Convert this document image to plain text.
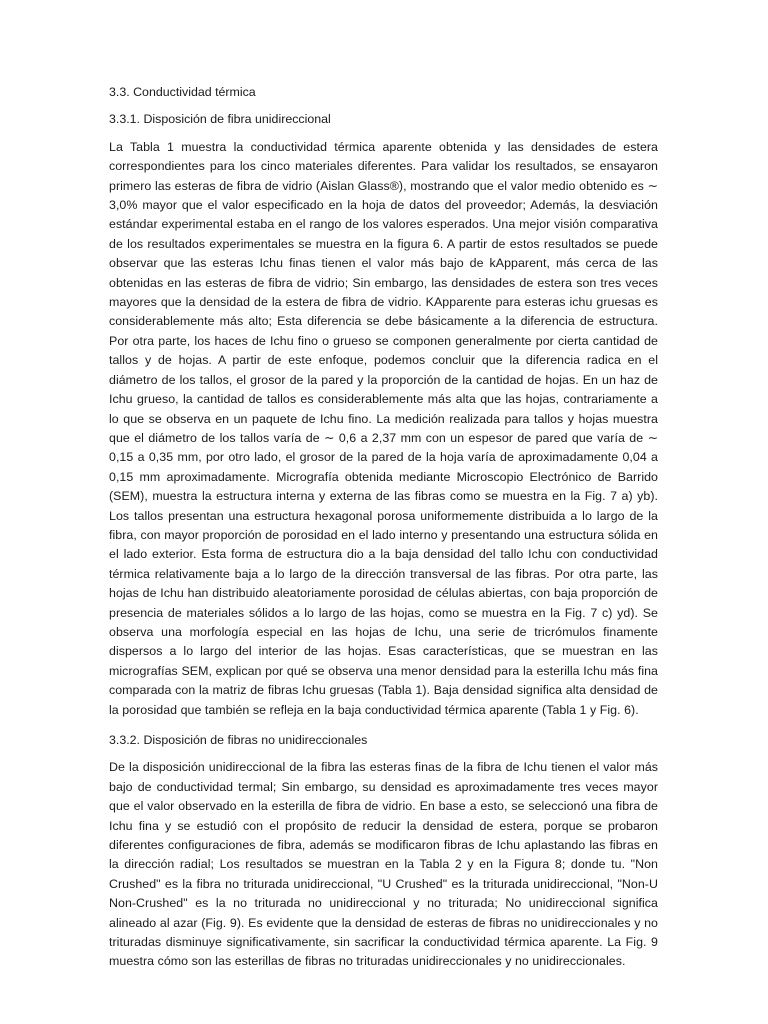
3.3. Conductividad térmica

3.3.1. Disposición de fibra unidireccional

La Tabla 1 muestra la conductividad térmica aparente obtenida y las densidades de estera correspondientes para los cinco materiales diferentes. Para validar los resultados, se ensayaron primero las esteras de fibra de vidrio (Aislan Glass®), mostrando que el valor medio obtenido es ∼ 3,0% mayor que el valor especificado en la hoja de datos del proveedor; Además, la desviación estándar experimental estaba en el rango de los valores esperados. Una mejor visión comparativa de los resultados experimentales se muestra en la figura 6. A partir de estos resultados se puede observar que las esteras Ichu finas tienen el valor más bajo de kApparent, más cerca de las obtenidas en las esteras de fibra de vidrio; Sin embargo, las densidades de estera son tres veces mayores que la densidad de la estera de fibra de vidrio. KApparente para esteras ichu gruesas es considerablemente más alto; Esta diferencia se debe básicamente a la diferencia de estructura. Por otra parte, los haces de Ichu fino o grueso se componen generalmente por cierta cantidad de tallos y de hojas. A partir de este enfoque, podemos concluir que la diferencia radica en el diámetro de los tallos, el grosor de la pared y la proporción de la cantidad de hojas. En un haz de Ichu grueso, la cantidad de tallos es considerablemente más alta que las hojas, contrariamente a lo que se observa en un paquete de Ichu fino. La medición realizada para tallos y hojas muestra que el diámetro de los tallos varía de ∼ 0,6 a 2,37 mm con un espesor de pared que varía de ∼ 0,15 a 0,35 mm, por otro lado, el grosor de la pared de la hoja varía de aproximadamente 0,04 a 0,15 mm aproximadamente. Micrografía obtenida mediante Microscopio Electrónico de Barrido (SEM), muestra la estructura interna y externa de las fibras como se muestra en la Fig. 7 a) yb). Los tallos presentan una estructura hexagonal porosa uniformemente distribuida a lo largo de la fibra, con mayor proporción de porosidad en el lado interno y presentando una estructura sólida en el lado exterior. Esta forma de estructura dio a la baja densidad del tallo Ichu con conductividad térmica relativamente baja a lo largo de la dirección transversal de las fibras. Por otra parte, las hojas de Ichu han distribuido aleatoriamente porosidad de células abiertas, con baja proporción de presencia de materiales sólidos a lo largo de las hojas, como se muestra en la Fig. 7 c) yd). Se observa una morfología especial en las hojas de Ichu, una serie de tricrómulos finamente dispersos a lo largo del interior de las hojas. Esas características, que se muestran en las micrografías SEM, explican por qué se observa una menor densidad para la esterilla Ichu más fina comparada con la matriz de fibras Ichu gruesas (Tabla 1). Baja densidad significa alta densidad de la porosidad que también se refleja en la baja conductividad térmica aparente (Tabla 1 y Fig. 6).

3.3.2. Disposición de fibras no unidireccionales

De la disposición unidireccional de la fibra las esteras finas de la fibra de Ichu tienen el valor más bajo de conductividad termal; Sin embargo, su densidad es aproximadamente tres veces mayor que el valor observado en la esterilla de fibra de vidrio. En base a esto, se seleccionó una fibra de Ichu fina y se estudió con el propósito de reducir la densidad de estera, porque se probaron diferentes configuraciones de fibra, además se modificaron fibras de Ichu aplastando las fibras en la dirección radial; Los resultados se muestran en la Tabla 2 y en la Figura 8; donde tu. "Non Crushed" es la fibra no triturada unidireccional, "U Crushed" es la triturada unidireccional, "Non-U Non-Crushed" es la no triturada no unidireccional y no triturada; No unidireccional significa alineado al azar (Fig. 9). Es evidente que la densidad de esteras de fibras no unidireccionales y no trituradas disminuye significativamente, sin sacrificar la conductividad térmica aparente. La Fig. 9 muestra cómo son las esterillas de fibras no trituradas unidireccionales y no unidireccionales.
